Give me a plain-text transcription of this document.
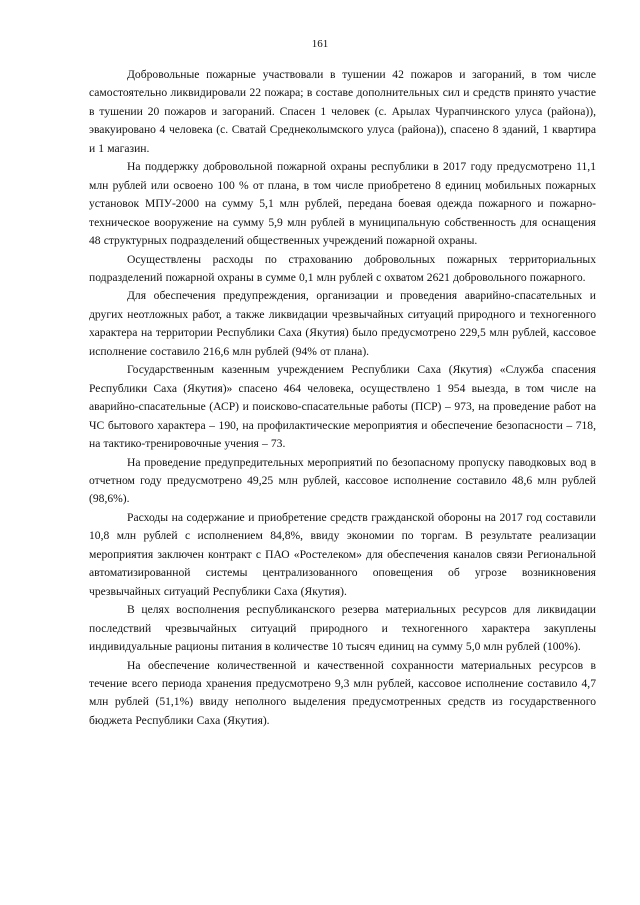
161

Добровольные пожарные участвовали в тушении 42 пожаров и загораний, в том числе самостоятельно ликвидировали 22 пожара; в составе дополнительных сил и средств принято участие в тушении 20 пожаров и загораний. Спасен 1 человек (с. Арылах Чурапчинского улуса (района)), эвакуировано 4 человека (с. Сватай Среднеколымского улуса (района)), спасено 8 зданий, 1 квартира и 1 магазин.

На поддержку добровольной пожарной охраны республики в 2017 году предусмотрено 11,1 млн рублей или освоено 100 % от плана, в том числе приобретено 8 единиц мобильных пожарных установок МПУ-2000 на сумму 5,1 млн рублей, передана боевая одежда пожарного и пожарно-техническое вооружение на сумму 5,9 млн рублей в муниципальную собственность для оснащения 48 структурных подразделений общественных учреждений пожарной охраны.

Осуществлены расходы по страхованию добровольных пожарных территориальных подразделений пожарной охраны в сумме 0,1 млн рублей с охватом 2621 добровольного пожарного.

Для обеспечения предупреждения, организации и проведения аварийно-спасательных и других неотложных работ, а также ликвидации чрезвычайных ситуаций природного и техногенного характера на территории Республики Саха (Якутия) было предусмотрено 229,5 млн рублей, кассовое исполнение составило 216,6 млн рублей (94% от плана).

Государственным казенным учреждением Республики Саха (Якутия) «Служба спасения Республики Саха (Якутия)» спасено 464 человека, осуществлено 1 954 выезда, в том числе на аварийно-спасательные (АСР) и поисково-спасательные работы (ПСР) – 973, на проведение работ на ЧС бытового характера – 190, на профилактические мероприятия и обеспечение безопасности – 718, на тактико-тренировочные учения – 73.

На проведение предупредительных мероприятий по безопасному пропуску паводковых вод в отчетном году предусмотрено 49,25 млн рублей, кассовое исполнение составило 48,6 млн рублей (98,6%).

Расходы на содержание и приобретение средств гражданской обороны на 2017 год составили 10,8 млн рублей с исполнением 84,8%, ввиду экономии по торгам. В результате реализации мероприятия заключен контракт с ПАО «Ростелеком» для обеспечения каналов связи Региональной автоматизированной системы централизованного оповещения об угрозе возникновения чрезвычайных ситуаций Республики Саха (Якутия).

В целях восполнения республиканского резерва материальных ресурсов для ликвидации последствий чрезвычайных ситуаций природного и техногенного характера закуплены индивидуальные рационы питания в количестве 10 тысяч единиц на сумму 5,0 млн рублей (100%).

На обеспечение количественной и качественной сохранности материальных ресурсов в течение всего периода хранения предусмотрено 9,3 млн рублей, кассовое исполнение составило 4,7 млн рублей (51,1%) ввиду неполного выделения предусмотренных средств из государственного бюджета Республики Саха (Якутия).
